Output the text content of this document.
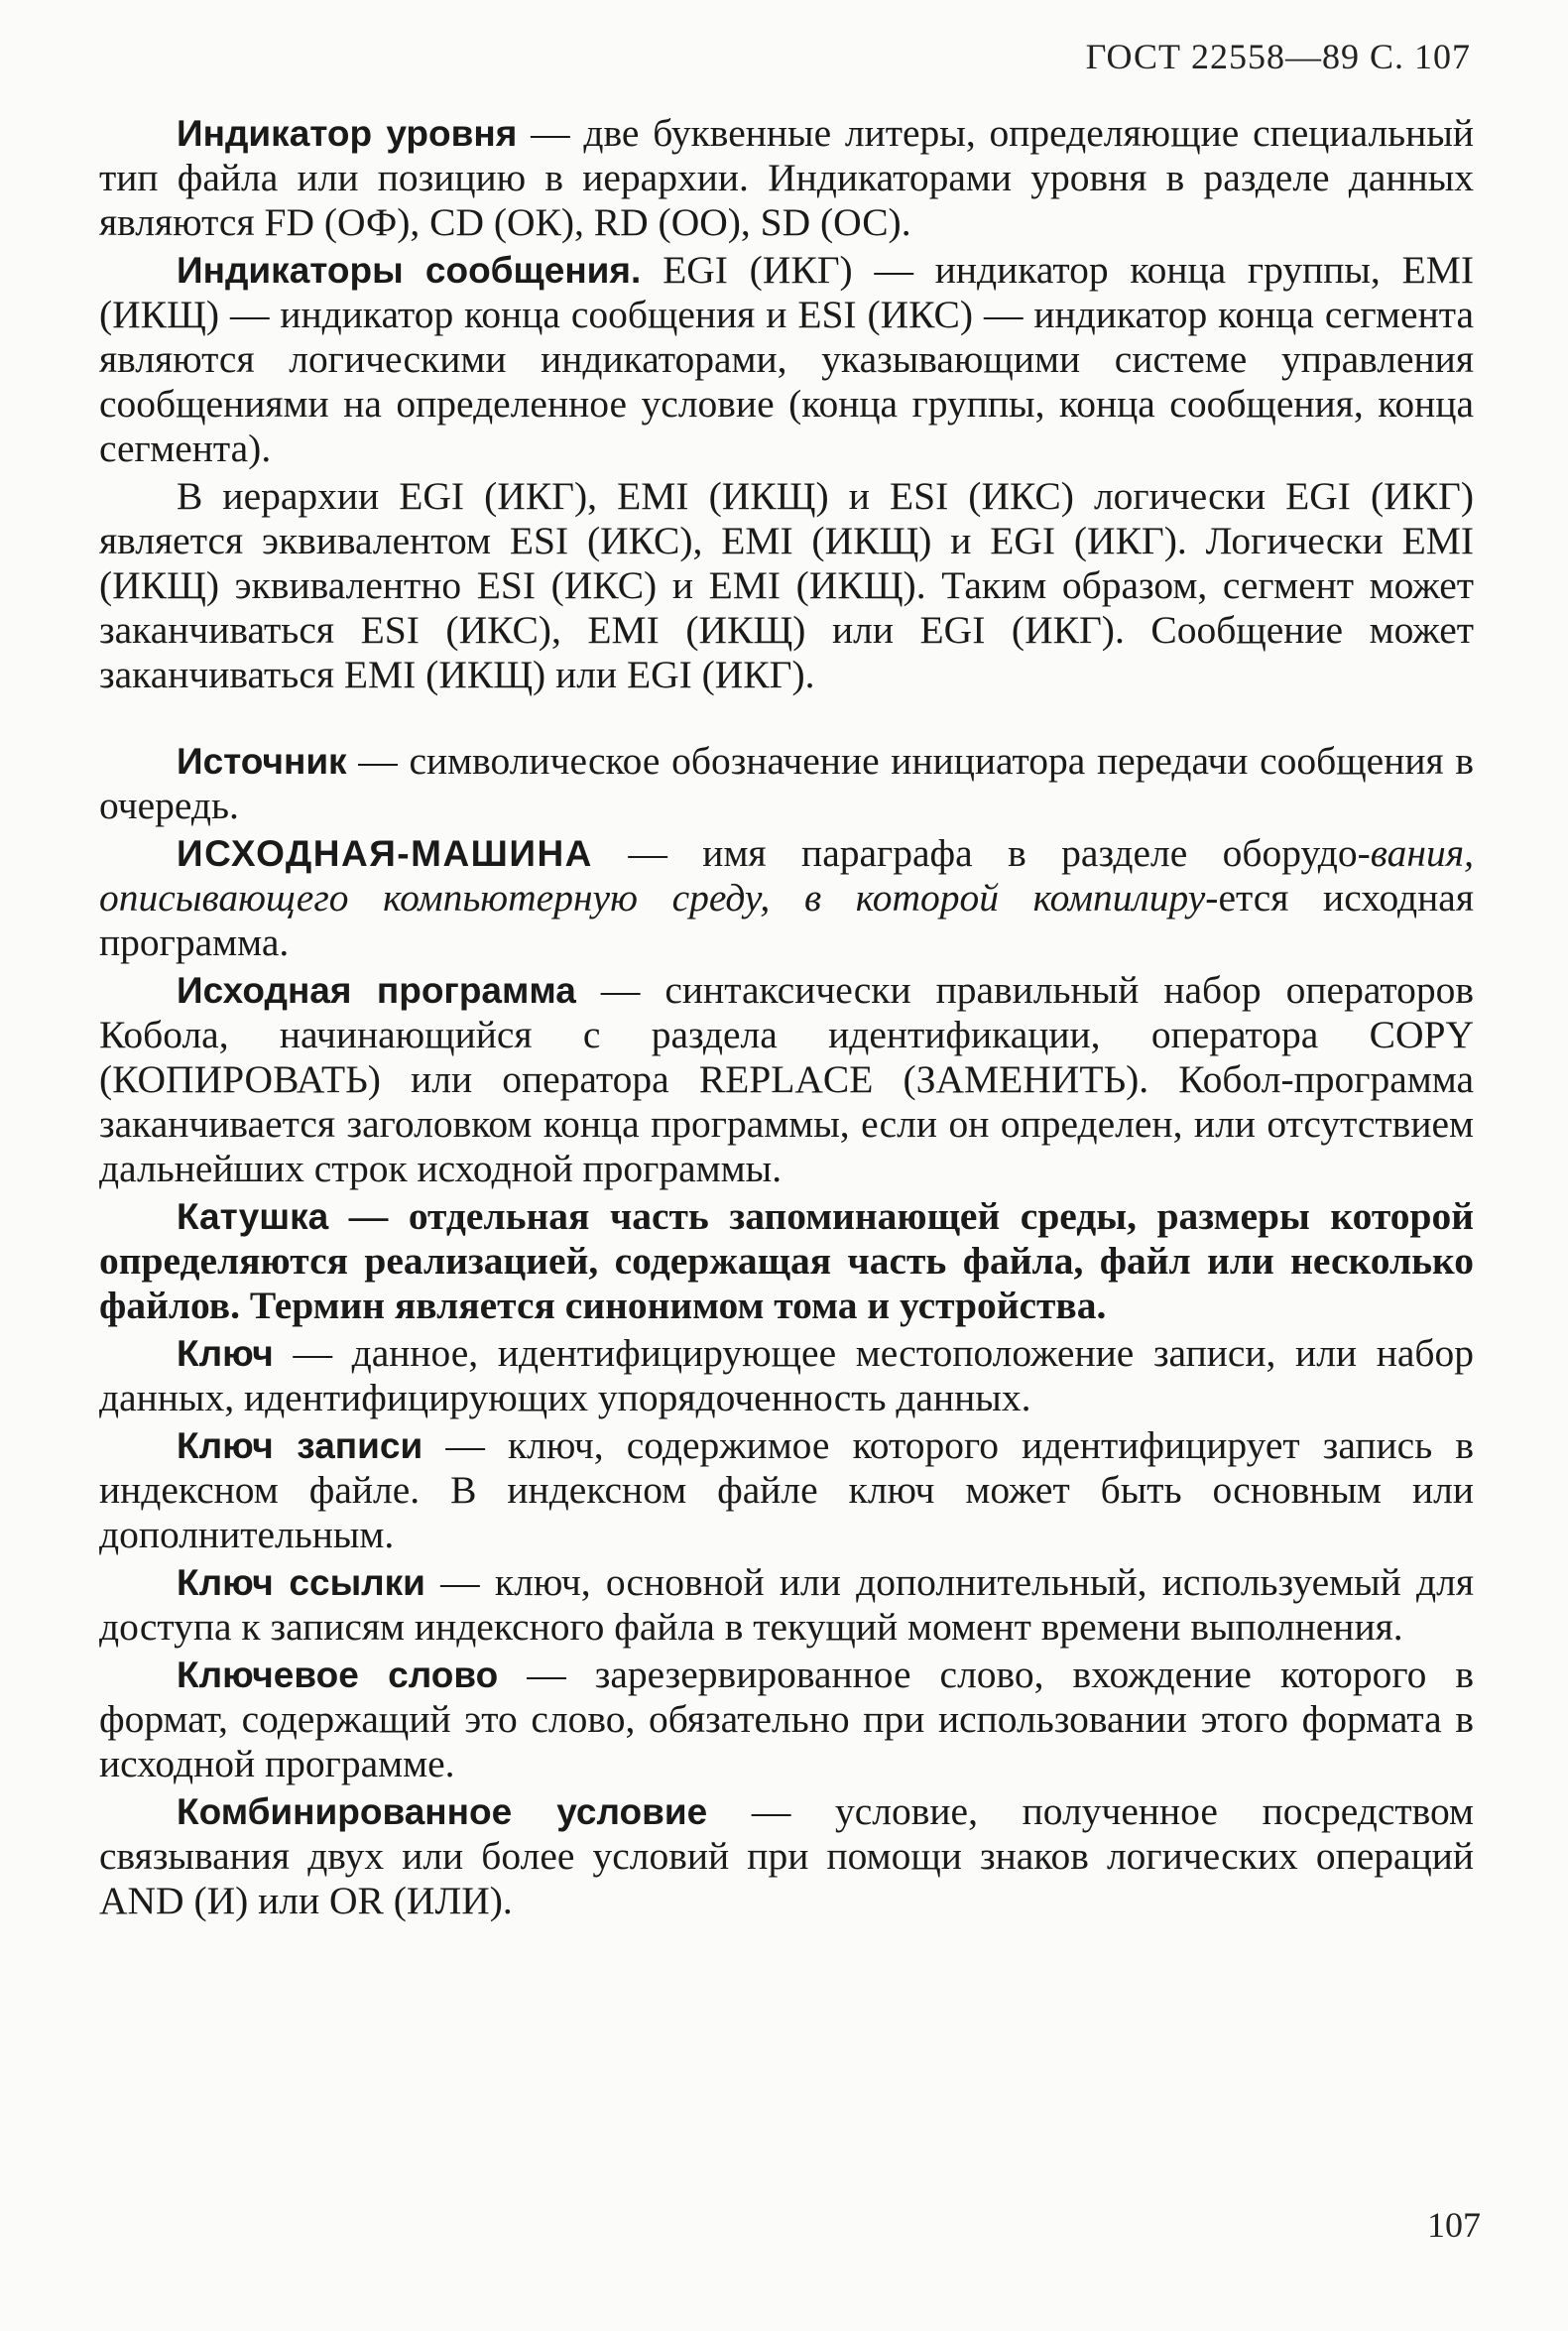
ГОСТ 22558—89 С. 107

Индикатор уровня — две буквенные литеры, определяющие специальный тип файла или позицию в иерархии. Индикаторами уровня в разделе данных являются FD (ОФ), CD (ОК), RD (ОО), SD (ОС).

Индикаторы сообщения. EGI (ИКГ) — индикатор конца группы, EMI (ИКЩ) — индикатор конца сообщения и ESI (ИКС) — индикатор конца сегмента являются логическими индикаторами, указывающими системе управления сообщениями на определенное условие (конца группы, конца сообщения, конца сегмента).

В иерархии EGI (ИКГ), EMI (ИКЩ) и ESI (ИКС) логически EGI (ИКГ) является эквивалентом ESI (ИКС), EMI (ИКЩ) и EGI (ИКГ). Логически EMI (ИКЩ) эквивалентно ESI (ИКС) и EMI (ИКЩ). Таким образом, сегмент может заканчиваться ESI (ИКС), EMI (ИКЩ) или EGI (ИКГ). Сообщение может заканчиваться EMI (ИКЩ) или EGI (ИКГ).

Источник — символическое обозначение инициатора передачи сообщения в очередь.

ИСХОДНАЯ-МАШИНА — имя параграфа в разделе оборудо-вания, описывающего компьютерную среду, в которой компилиру-ется исходная программа.

Исходная программа — синтаксически правильный набор операторов Кобола, начинающийся с раздела идентификации, оператора COPY (КОПИРОВАТЬ) или оператора REPLACE (ЗАМЕНИТЬ). Кобол-программа заканчивается заголовком конца программы, если он определен, или отсутствием дальнейших строк исходной программы.

Катушка — отдельная часть запоминающей среды, размеры которой определяются реализацией, содержащая часть файла, файл или несколько файлов. Термин является синонимом тома и устройства.

Ключ — данное, идентифицирующее местоположение записи, или набор данных, идентифицирующих упорядоченность данных.

Ключ записи — ключ, содержимое которого идентифицирует запись в индексном файле. В индексном файле ключ может быть основным или дополнительным.

Ключ ссылки — ключ, основной или дополнительный, используемый для доступа к записям индексного файла в текущий момент времени выполнения.

Ключевое слово — зарезервированное слово, вхождение которого в формат, содержащий это слово, обязательно при использовании этого формата в исходной программе.

Комбинированное условие — условие, полученное посредством связывания двух или более условий при помощи знаков логических операций AND (И) или OR (ИЛИ).

107
